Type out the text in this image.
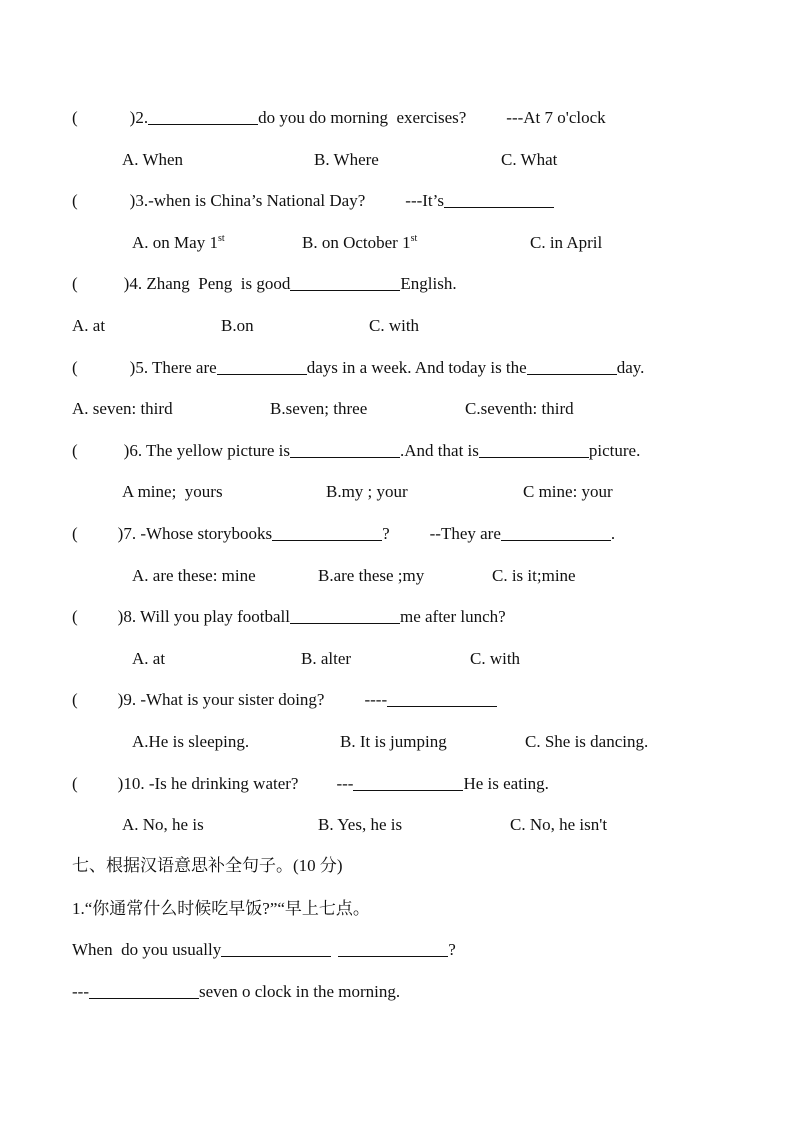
(	)2.	do you do morning  exercises? ---At 7 o'clock
A. When	B. Where	C. What
(	)3.-when is China’s National Day? ---It’s
A. on May 1st	B. on October 1st	C. in April
(	)4. Zhang  Peng  is good	English.
A. at	B.on	C. with
(	)5. There are	days in a week. And today is the	day.
A. seven: third	B.seven; three	C.seventh: third
(	)6. The yellow picture is	.And that is	picture.
A mine;  yours	B.my ; your	C mine: your
( )7. -Whose storybooks	? --They are	.
A. are these: mine	B.are these ;my	C. is it;mine
( )8. Will you play football	me after lunch?
A. at	B. alter	C. with
( )9. -What is your sister doing? ----
A.He is sleeping.	B. It is jumping	C. She is dancing.
( )10. -Is he drinking water? ---	He is eating.
A. No, he is	B. Yes, he is	C. No, he isn't
七、根据汉语意思补全句子。(10 分)
1.“你通常什么时候吃早饭?”“早上七点。
When  do you usually	?
---	seven o clock in the morning.
